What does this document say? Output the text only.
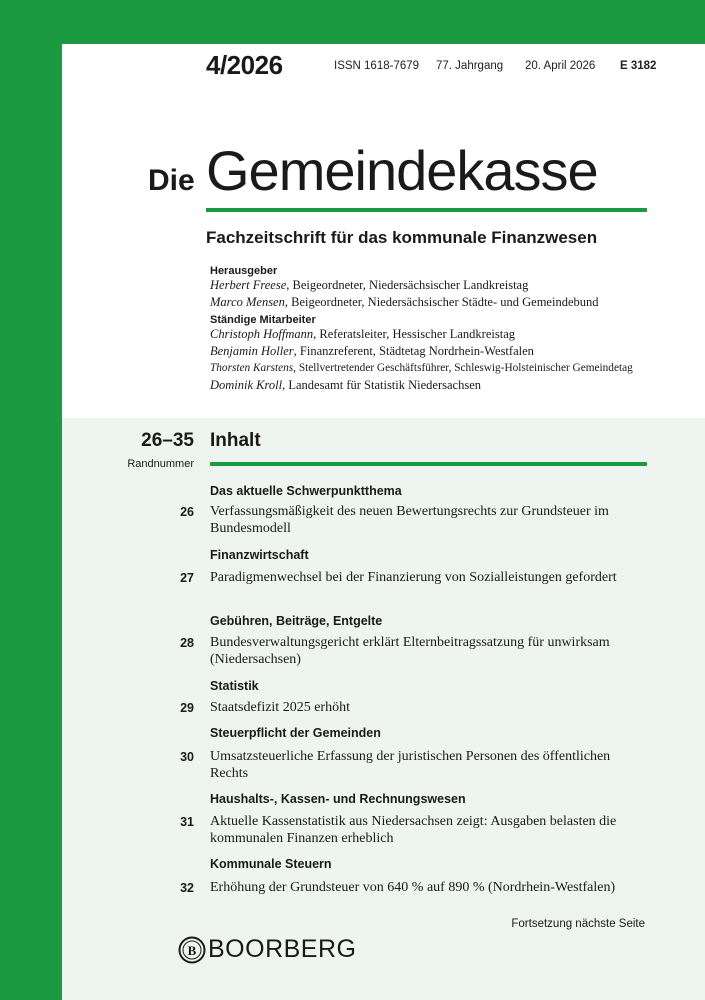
4/2026	ISSN 1618-7679 77. Jahrgang 20. April 2026 E 3182
Die Gemeindekasse
Fachzeitschrift für das kommunale Finanzwesen
Herausgeber
Herbert Freese, Beigeordneter, Niedersächsischer Landkreistag
Marco Mensen, Beigeordneter, Niedersächsischer Städte- und Gemeindebund
Ständige Mitarbeiter
Christoph Hoffmann, Referatsleiter, Hessischer Landkreistag
Benjamin Holler, Finanzreferent, Städtetag Nordrhein-Westfalen
Thorsten Karstens, Stellvertretender Geschäftsführer, Schleswig-Holsteinischer Gemeindetag
Dominik Kroll, Landesamt für Statistik Niedersachsen
26–35
Randnummer
Inhalt
Das aktuelle Schwerpunktthema
26 Verfassungsmäßigkeit des neuen Bewertungsrechts zur Grundsteuer im Bundesmodell
Finanzwirtschaft
27 Paradigmenwechsel bei der Finanzierung von Sozialleistungen gefordert
Gebühren, Beiträge, Entgelte
28 Bundesverwaltungsgericht erklärt Elternbeitragssatzung für unwirksam (Niedersachsen)
Statistik
29 Staatsdefizit 2025 erhöht
Steuerpflicht der Gemeinden
30 Umsatzsteuerliche Erfassung der juristischen Personen des öffentlichen Rechts
Haushalts-, Kassen- und Rechnungswesen
31 Aktuelle Kassenstatistik aus Niedersachsen zeigt: Ausgaben belasten die kommunalen Finanzen erheblich
Kommunale Steuern
32 Erhöhung der Grundsteuer von 640 % auf 890 % (Nordrhein-Westfalen)
Fortsetzung nächste Seite
B BOORBERG
